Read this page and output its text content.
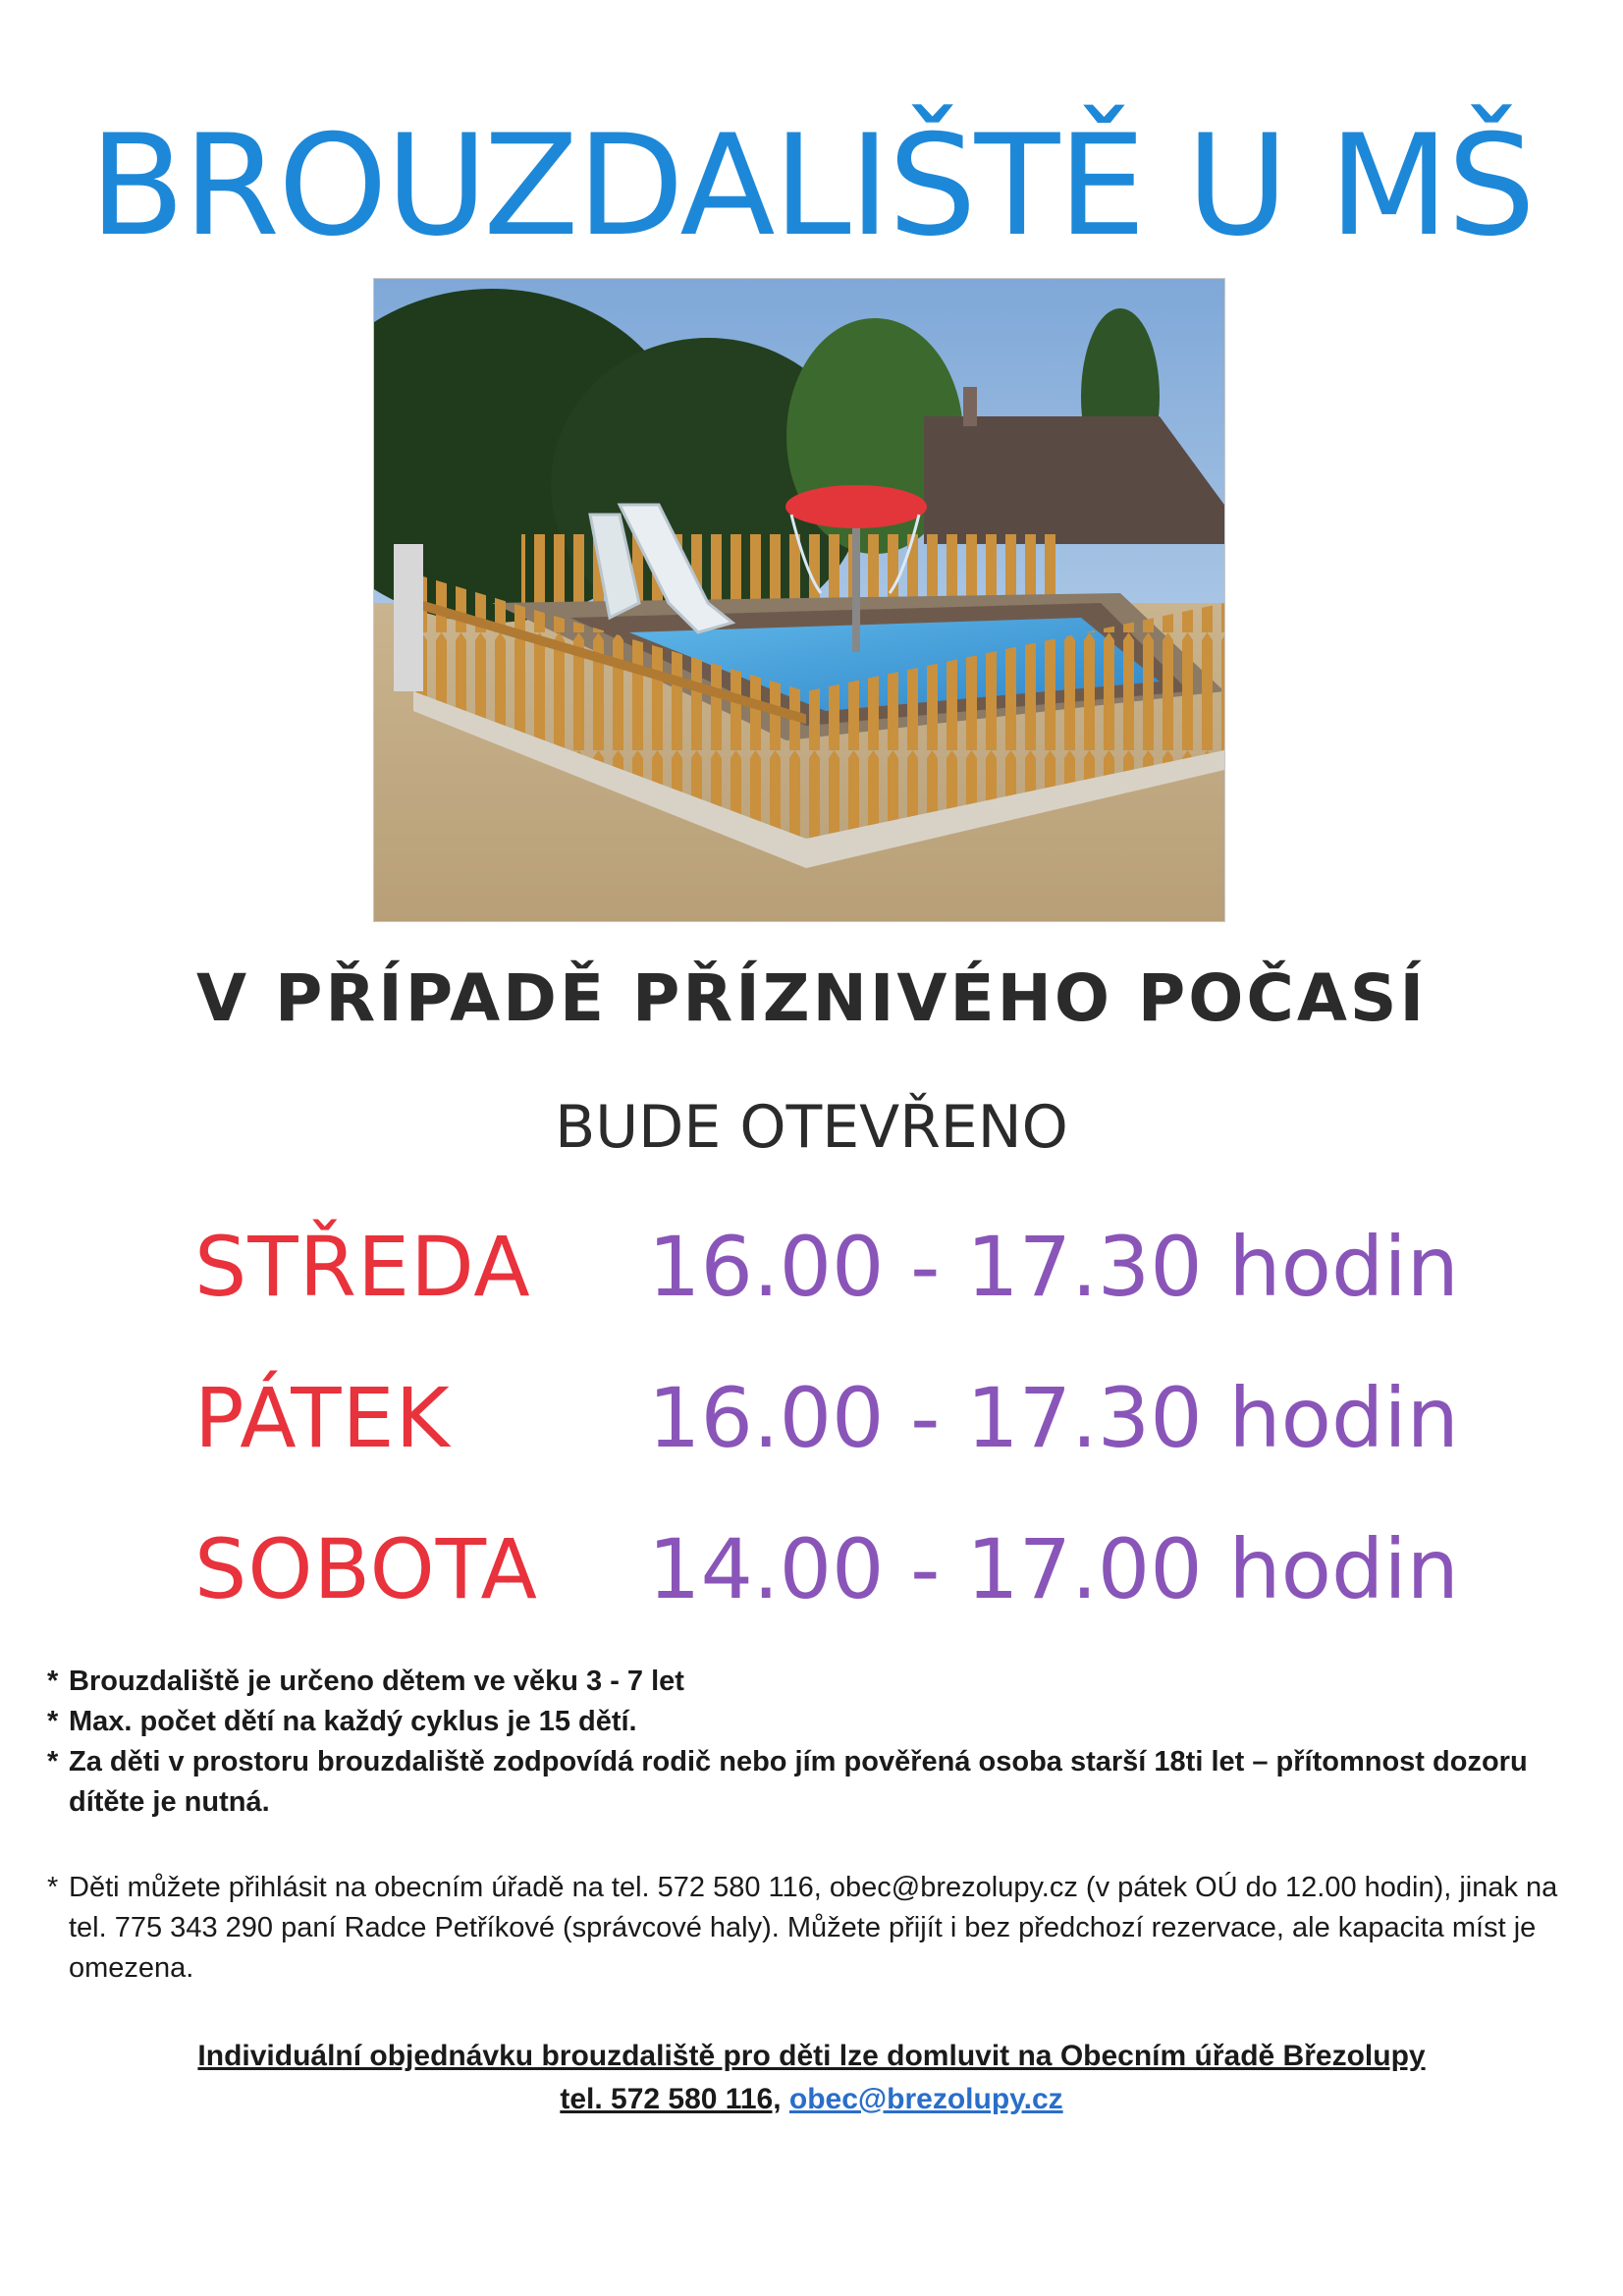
BROUZDALIŠTĚ U MŠ
V PŘÍPADĚ PŘÍZNIVÉHO POČASÍ
BUDE OTEVŘENO
STŘEDA 16.00 - 17.30 hodin
PÁTEK 16.00 - 17.30 hodin
SOBOTA 14.00 - 17.00 hodin
* Brouzdaliště je určeno dětem ve věku 3 - 7 let
* Max. počet dětí na každý cyklus je 15 dětí.
* Za děti v prostoru brouzdaliště zodpovídá rodič nebo jím pověřená osoba starší 18ti let – přítomnost dozoru dítěte je nutná.
* Děti můžete přihlásit na obecním úřadě na tel. 572 580 116, obec@brezolupy.cz (v pátek OÚ do 12.00 hodin), jinak na tel. 775 343 290 paní Radce Petříkové (správcové haly). Můžete přijít i bez předchozí rezervace, ale kapacita míst je omezena.
Individuální objednávku brouzdaliště pro děti lze domluvit na Obecním úřadě Březolupy
tel. 572 580 116, obec@brezolupy.cz
